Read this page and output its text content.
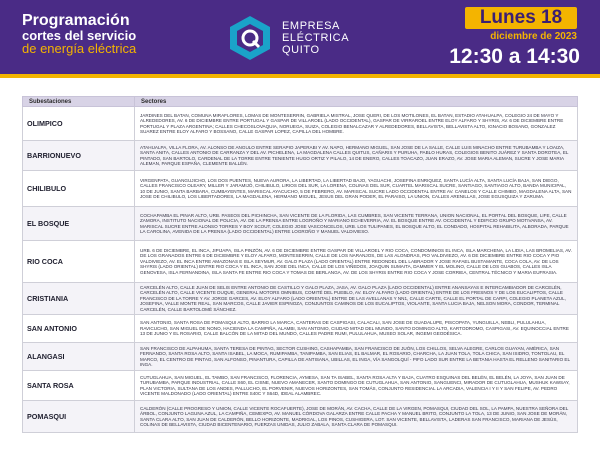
Programación
cortes del servicio
de energía eléctrica
EMPRESA
ELÉCTRICA
QUITO
Lunes 18
diciembre de 2023
12:30 a 14:30
Subestaciones	Sectores
OLIMPICO	JARDINES DEL BATAN, COMUNA MIRAFLORES, LOMAS DE MONTESERRIN, GABRIELA MISTRAL, JOSE QUERI, DE LOS MOTILONES, EL BATAN, ESTADIO ATAHUALPA, COLEGIO 24 DE MAYO Y ALREDEDORES, AV. 6 DE DICIEMBRE ENTRE PORTUGAL Y GASPAR DE VILLAROEL (LADO OCCIDENTAL), GASPAR DE VIRRAROEL ENTRE ELOY ALFARO Y SHYRIS, AV. 6 DE DICIEMBRE ENTRE PORTUGAL Y PLAZA ARGENTINA; CALLES CHECOSLOVAQUIA, NORUEGA, SUIZA, COLEGIO BENALCAZAR Y ALREDEDORES, BELLAVISTA, BELLAVISTA ALTO, IGNACIO BOSANO, GONZALEZ SUAREZ ENTRE ELOY ALFARO Y BOSSANO, CALLE GASPAR LOPEZ, CAPILLA DEL HOMBRE.
BARRIONUEVO	ATAHUALPA, VILLA FLORA, AV. ALONSO DE ANGULO ENTRE SERAPIO JAPERABI Y AV. NAPO, HERMANO MIGUEL, SAN JOSE DE LA SALLE, CALLE LUIS MINACHO ENTRE TURUBAMBA Y LOAIZA, SANTA ANITA, CALLES ANTONIO DE CARRANZA Y DEL AV. PICHELENA, LA MAGDALENA CALLES QUITUS, CAÑARIS Y PURUHA, PABLO HURAS, COLEGIOS BENITO JUÁREZ Y SANTA DOROTEA, EL PINTADO, SAN BARTOLO, CARDENAL DE LA TORRE ENTRE TENIENTE HUGO ORTIZ Y PILALO, 14 DE ENERO, CALLES TOACAZO, JUAN ERAZO, AV. JOSE MARIA ALEMAN, SUCRE Y JOSE MARIA ALEMAN, PARQUE ESPAÑA, CLEMENTE BALLÉN.
CHILIBULO	VIRGENPATA, GUANGUJICHO, LOS DOS PUENTES, NUEVA AURORA, LA LIBERTAD, LA LIBERTAD BAJO, YAGUACHI, JOSEFINA ENRIQUEZ, SANTA LUCÍA ALTA, SANTA LUCÍA BAJA, SAN DIEGO, CALLES FRANCISCO OLEARY, MILLER Y JARAMIJÓ, CHILIBULO, LIRIOS DEL SUR, LA LORENA, COLINAS DEL SUR, CUARTEL MARISCAL SUCRE, SANTIAGO, SANTIAGO ALTO, BANDA MUNICIPAL, 10 DE JUNIO, SANTA BARBARA, CUMBAYENTES, MARISCAL AYACUCHO, 5 DE FEBRERO, AV. MARISCAL SUCRE LADO OCCIDENTAL ENTRE AV. CANELOS Y CALLE CHIMBO, MAGDALENA ALTA, SAN JOSE DE CHILIBULO, LOS LIBERTADORES, LA MAGDALENA, HERMANO MIGUEL, JESUS DEL GRAN PODER, EL PARAISO, LA UNION, CALLES ARENILLAS, JOSE EGUSQUIZA Y ZARUMA.
EL BOSQUE	COCHAPAMBA EL PINAR ALTO, URB. PASEOS DEL PICHINCHA, SAN VICENTE DE LA FLORIDA, LAS CUMBRES, SAN VICENTE TERRANA, UNION NACIONAL, EL PORTAL DEL BOSQUE, LIFE, CALLE ZAMORA, INSTITUTO NACIONAL DE POLICIA, AV. DE LA PRENSA ENTRE LOGROÑO Y MARIANO ECHEVERRIA, AV. EL BOSQUE ENTRE AV. OCCIDENTAL Y EDIFICIO GRUPO MOTIVANSA, AV. MARISCAL SUCRE ENTRE ALONSO TORRES Y BOY SCOUT, COLEGIO JOSE VASCONCELOS, URB. LOS TULIPANES, EL BOSQUE ALTO, EL CONDADO, HOSPITAL REHABILITA, ALBORADA, PARQUE LA CAROLINA, AVENIDA DE LA PRENSA (LADO OCCIDENTAL) ENTRE LOGROÑO Y MANUEL VALDIVIESO.
RIO COCA	URB. 6 DE DICIEMBRE, EL INCA, JIPIJAPA, ISLA PINZÓN, AV. 6 DE DICIEMBRE ENTRE GASPAR DE VILLAROEL Y RIO COCA, CONDOMINIOS EL INCA, ISLA MARCHENA, LA LIDIA, LAS BROMELIAS, AV. DE LOS GRANADOS ENTRE 6 DE DICIEMBRE Y ELOY ALFARO, MONTESERRIN, CALLE DE LOS NARANJOS, DE LAS ALONDRAS, PIO VALDIVIEZO, AV. 6 DE DICIEMBRE ENTRE RIO COCA Y PIO VALDIVIEZO, AV. EL INCA ENTRE AMAZONAS E ISLA SEYMUR, AV. GALO PLAZA (LADO ORIENTAL) ENTRE REDONDEL DEL LABRADOR Y JOSE RAFAEL BUSTAMANTE, COCA COLA, AV. DE LOS SHYRIS (LADO ORIENTAL) ENTRE RIO COCA Y EL INCA, SAN JOSE DEL INCA, CALLE DE LOS VIÑEDOS, JOAQUIN SUMAITA, DAMMER Y EL MOLINO, CALLE DE LOS GUABOS, CALLES ISLA GENOVESA, ISLA FERNANDINA, ISLA SANTA FE ENTRE RIO COCA Y TOMAS DE BERLANGA, AV. DE LOS SHYRIS ENTRE RIO COCA Y JOSE CORRIEA, CENTRAL TÉCNICO Y MARIA EUFRASIA.
CRISTIANIA	CARCELÉN ALTO, CALLE JUAN DE SELIS ENTRE ANTONIO DE CASTILLO Y GALO PLAZA, JASA, AV. GALO PLAZA (LADO OCCIDENTAL) ENTRE ANANSAYAS E INTERCAMBIADOR DE CARCELÉN, CARCELÉN ALTO, CALLE VICENTE DUQUE, GENERAL MOTORS OMNIBUS, COMITÉ DEL PUEBLO, AV. ELOY ALFARO (LADO ORIENTAL) ENTRE DE LOS FRESNOS Y DE LOS EUCALIPTOS, CALLE FRANCISCO DE LA TORRE Y AV. JORGE GARCES, AV. ELOY ALFARO (LADO ORIENTAL) ENTRE DE LAS AVELLANAS Y NN1, CALLE CARTE, CALLE EL PORTAL DE CARPI, COLEGIO PLANETA AZUL, JOSEFINA, VALLE MONTE REAL, SAN MARCOS, CALLE JAVIER ESPINOZA, CONJUNTOS CAMINOS DE LOS EUCALIPTOS, VIOLANTE, SANTA LUCIA BAJA, NELSON MORA, CONDOR, TERMINAL CARCELÉN, CALLE BARTOLOMÉ SÁNCHEZ.
SAN ANTONIO	SAN ANTONIO, SANTA ROSA DE POMASQUI ALTO, BARRIO LA MARCA, CANTERAS DE CASPIGASI, CALACALI, SAN JOSE DE GUADALUPE, PISCOPATA, YUNGUILLA, NEBLI, PULULAHUA, RAVICUCHO, SAN MIGUEL DE NONO, HACIENDA LA CAMPIÑA, ALAMBI, SAN ANTONIO, CIUDAD MITAD DEL MUNDO, SANTO DOMINGO ALTO, KARTODROMO, CASPIGASI, AV. EQUINOCCIAL ENTRE 13 DE JUNIO Y EL ROSARIO, CALLE BALCÓN DE LA MITAD DEL MUNDO, CALLES PADRE RUMI, PULULAHUA, MUSEO SOLAR, INGEMI GEODÉSICA.
ALANGASI	SAN FRANCISCO DE ALPAHUMA, SANTA TERESA DE PINTAG, SECTOR CUSHING, CASHAPAMBA, SAN FRANCISCO DE JUÓN, LOS CHILLOS, SELVA ALEGRE, CARLOS GUAYAN, AMÉRICA, SAN FERNANDO, SANTA ROSA ALTO, SANTA ISABEL, LA MOCA, RUMIPAMBA, TANIPAMBA, SAN ELIAS, EL BALMAR, EL ROSARIO, CHARCHA, LA JUAN TOLA, TOLA CHICA, SAN ISIDRO, TONTOLAU, EL MARCO, EL CENTRO DE PINTAG, SAN ALFONSO, PINANTURA, CAPILLA DE ANTISANA, UBILLAS, EL INGA, VÍA SANGOLQUÍ - PIFO LADO SUR ENTRE LA BETANIA HASTA EL RELLENO SANITARIO EL INGA.
SANTA ROSA	CUTUGLAHUA, SAN MIGUEL, EL TAMBO, SAN FRANCISCO, FLORENCIA, AYMESA, SAN TA ISABEL, SANTA ROSA ALTA Y BAJA, CUATRO ESQUINAS DEL BELÉN, EL BELÉN, LA JOYA, SAN JUAN DE TURUBAMBA, PARQUE INDUSTRIAL, CALLE S60, EL CISNE, NUEVO AMANECER, SANTO DOMINGO DE CUTUGLAHUA, SAN ANTONIO, SANGUENCI, MIRADOR DE CUTUGLAHUA, MUSHUK KAWSAY, PLAN VICTORIA, SULTANA DE LOS ANDES, PALLUCHO, EL PORVENIR, NUEVOS HORIZONTES, SAN TOMÁS, CONJUNTO RESIDENCIAL LA ARCADIA, VALENCIA I Y II Y SAN FELIPE, AV. PEDRO VICENTE MALDONADO (LADO ORIENTAL) ENTRE S40C Y S64D, IDEAL ALAMBREC.
POMASQUI	CALDERÓN (CALLE PROGRESO Y UNION, CALLE VICENTE ROCAFUERTE), JOSE DE MORÁN, AV. CACHA, CALLE DE LA VIRGEN, POMASQUI, CIUDAD DEL SOL, LA PAMPA, NUESTRA SEÑORA DEL ÁRBOL, CONJUNTO LAGUNA AZUL, LA CAMPIÑA, CEMEXPO, AV. MANUEL CÓRDOVA GALARZA ENTRE CALLE PACHA Y MANUEL BRITO, CONJUNTO LA TOLA, 13 DE JUNIO, SAN JOSE DE MORÁN, SANTA CLARA ALTO, SAN JUAN DE CALDERÓN, BELLO HORIZONTE, MADRIGAL, LOS PINOS, CUSHIGERA, LOT. SAN VICENTE, BELLAVISTA, LADERAS SAN FRANCISCO, MARIANA DE JESÚS, COLINAS DE BELLAVISTA, CIUDAD BICENTENARIO, FUERZAS UNIDAS, JULIO ZABALA, SANTA CLARA DE POMASQUI.
